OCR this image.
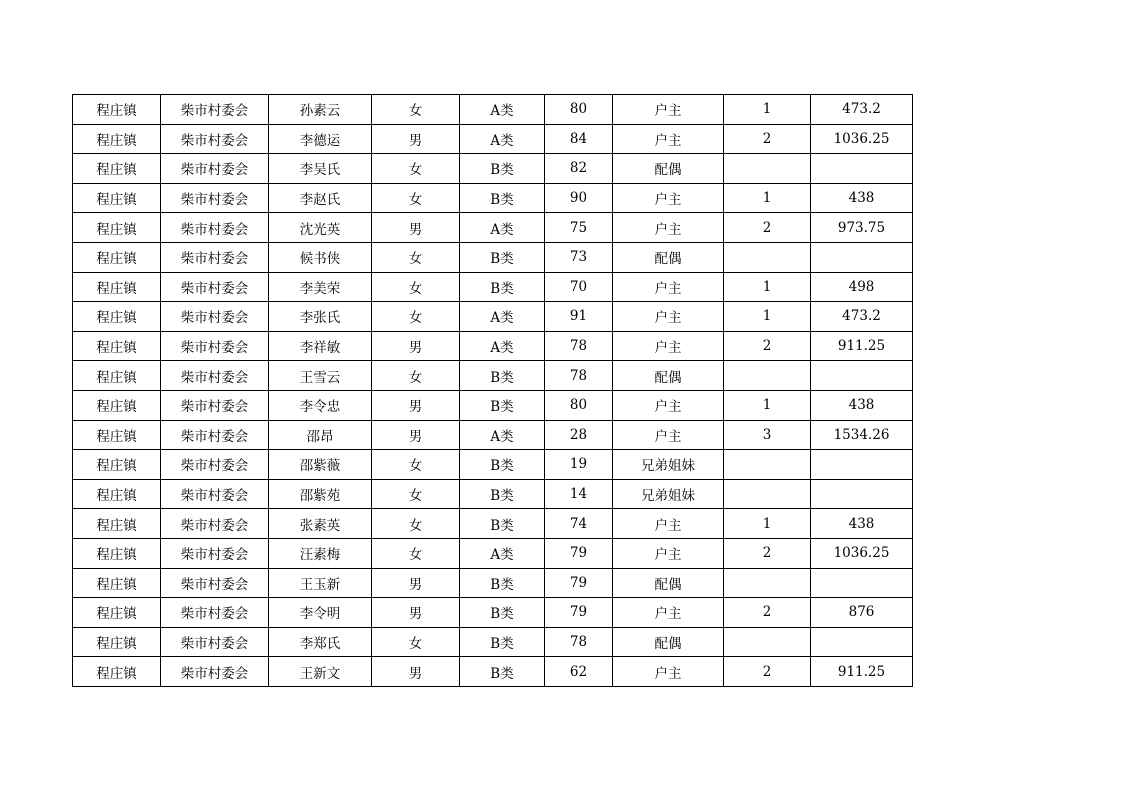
程庄镇	柴市村委会	孙素云	女	A类	80	户主	1	473.2
程庄镇	柴市村委会	李德运	男	A类	84	户主	2	1036.25
程庄镇	柴市村委会	李吴氏	女	B类	82	配偶		
程庄镇	柴市村委会	李赵氏	女	B类	90	户主	1	438
程庄镇	柴市村委会	沈光英	男	A类	75	户主	2	973.75
程庄镇	柴市村委会	候书侠	女	B类	73	配偶		
程庄镇	柴市村委会	李美荣	女	B类	70	户主	1	498
程庄镇	柴市村委会	李张氏	女	A类	91	户主	1	473.2
程庄镇	柴市村委会	李祥敏	男	A类	78	户主	2	911.25
程庄镇	柴市村委会	王雪云	女	B类	78	配偶		
程庄镇	柴市村委会	李令忠	男	B类	80	户主	1	438
程庄镇	柴市村委会	邵昂	男	A类	28	户主	3	1534.26
程庄镇	柴市村委会	邵紫薇	女	B类	19	兄弟姐妹		
程庄镇	柴市村委会	邵紫苑	女	B类	14	兄弟姐妹		
程庄镇	柴市村委会	张素英	女	B类	74	户主	1	438
程庄镇	柴市村委会	汪素梅	女	A类	79	户主	2	1036.25
程庄镇	柴市村委会	王玉新	男	B类	79	配偶		
程庄镇	柴市村委会	李令明	男	B类	79	户主	2	876
程庄镇	柴市村委会	李郑氏	女	B类	78	配偶		
程庄镇	柴市村委会	王新文	男	B类	62	户主	2	911.25
